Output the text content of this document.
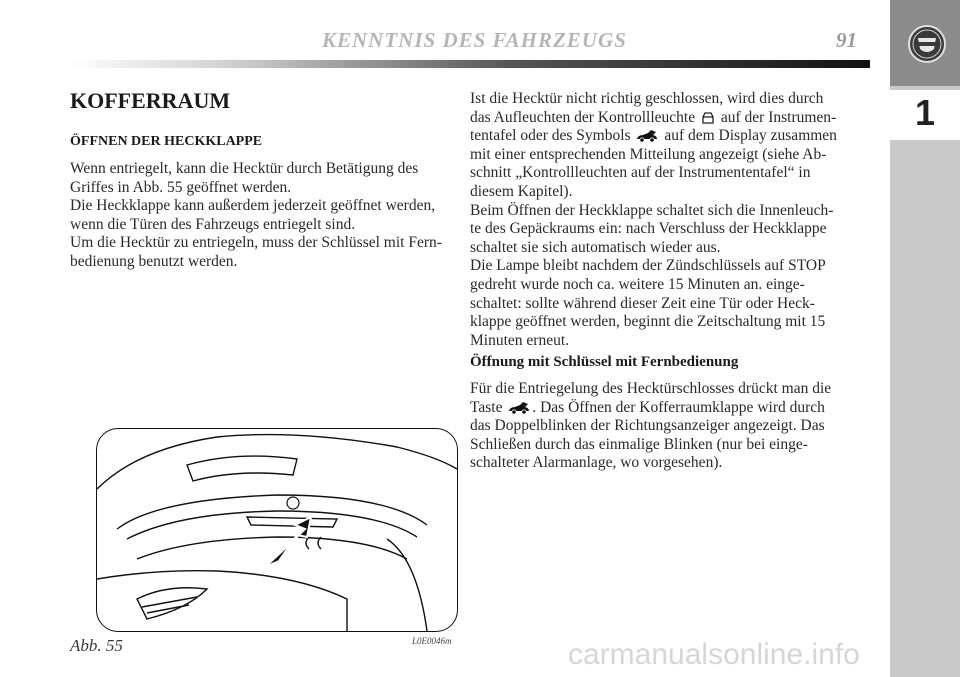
KENNTNIS DES FAHRZEUGS	91
1
KOFFERRAUM
ÖFFNEN DER HECKKLAPPE

Wenn entriegelt, kann die Hecktür durch Betätigung des
Griffes in Abb. 55 geöffnet werden.
Die Heckklappe kann außerdem jederzeit geöffnet werden,
wenn die Türen des Fahrzeugs entriegelt sind.
Um die Hecktür zu entriegeln, muss der Schlüssel mit Fern-
bedienung benutzt werden.

Abb. 55	L0E0046m

Ist die Hecktür nicht richtig geschlossen, wird dies durch
das Aufleuchten der Kontrollleuchte auf der Instrumen-
tentafel oder des Symbols auf dem Display zusammen
mit einer entsprechenden Mitteilung angezeigt (siehe Ab-
schnitt „Kontrollleuchten auf der Instrumententafel“ in
diesem Kapitel).
Beim Öffnen der Heckklappe schaltet sich die Innenleuch-
te des Gepäckraums ein: nach Verschluss der Heckklappe
schaltet sie sich automatisch wieder aus.
Die Lampe bleibt nachdem der Zündschlüssels auf STOP
gedreht wurde noch ca. weitere 15 Minuten an. einge-
schaltet: sollte während dieser Zeit eine Tür oder Heck-
klappe geöffnet werden, beginnt die Zeitschaltung mit 15
Minuten erneut.

Öffnung mit Schlüssel mit Fernbedienung

Für die Entriegelung des Hecktürschlosses drückt man die
Taste . Das Öffnen der Kofferraumklappe wird durch
das Doppelblinken der Richtungsanzeiger angezeigt. Das
Schließen durch das einmalige Blinken (nur bei einge-
schalteter Alarmanlage, wo vorgesehen).

carmanualsonline.info
